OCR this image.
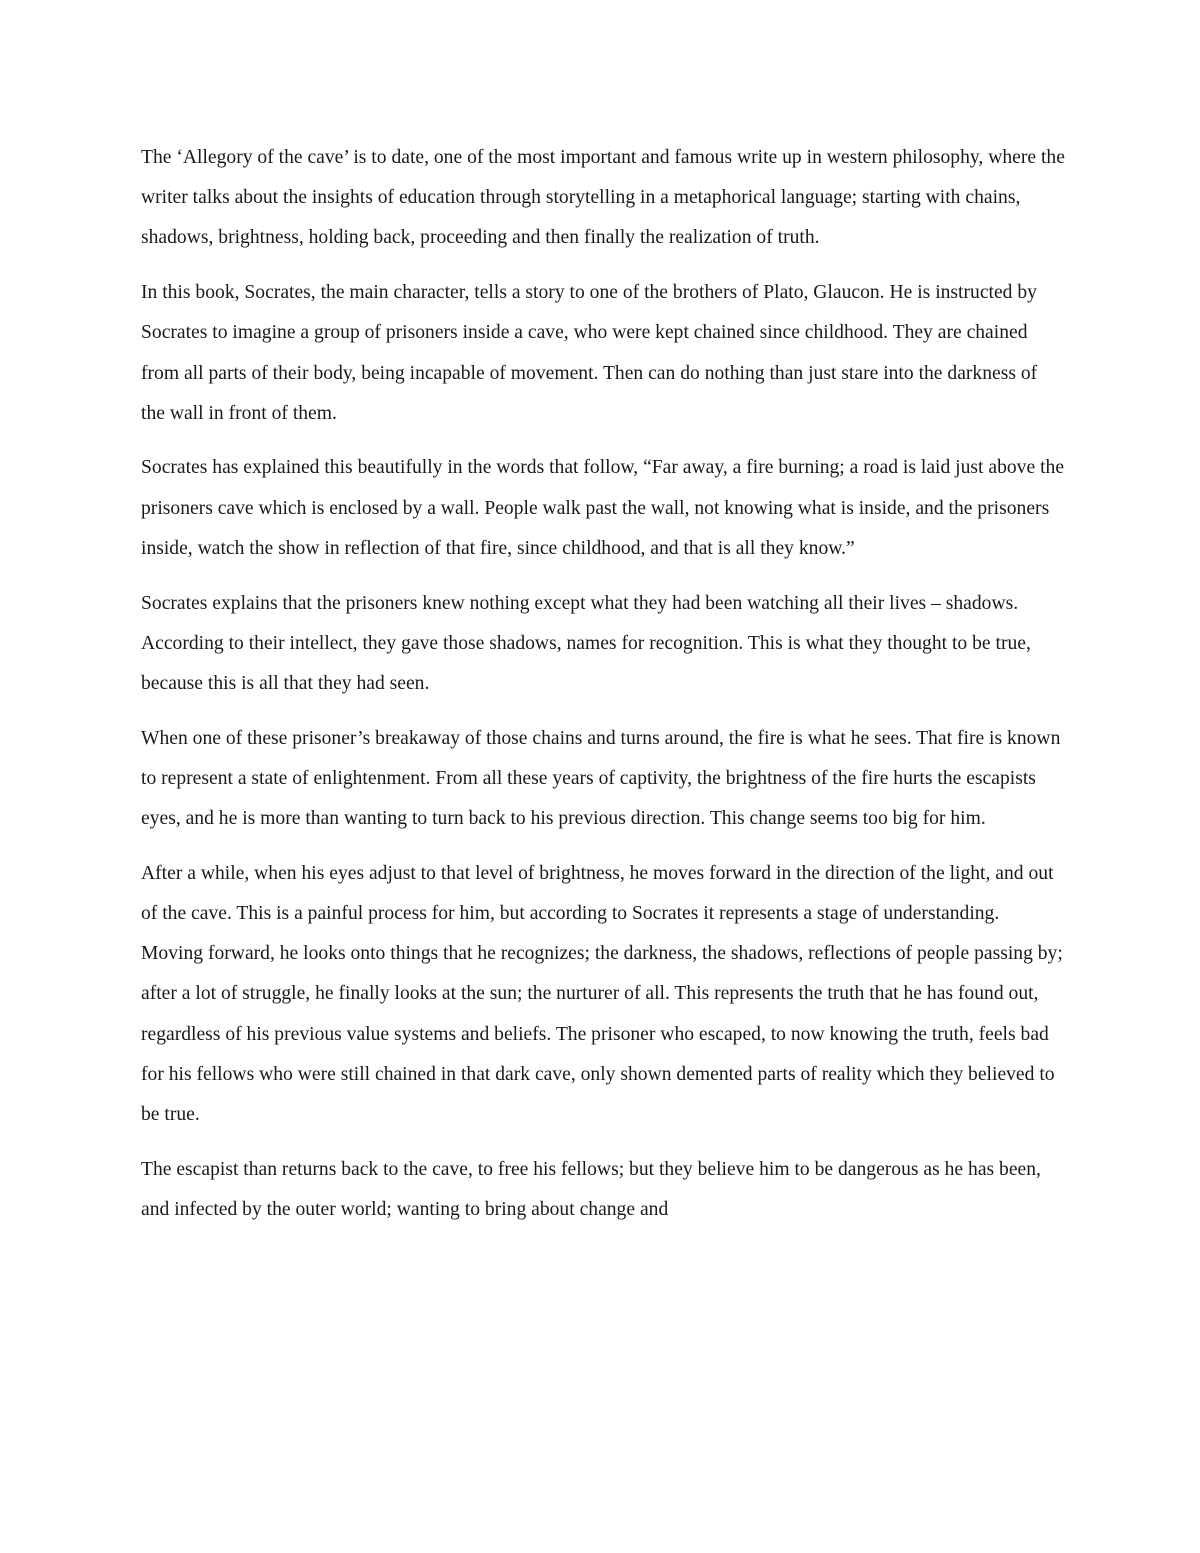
The ‘Allegory of the cave’ is to date, one of the most important and famous write up in western philosophy, where the writer talks about the insights of education through storytelling in a metaphorical language; starting with chains, shadows, brightness, holding back, proceeding and then finally the realization of truth.

In this book, Socrates, the main character, tells a story to one of the brothers of Plato, Glaucon. He is instructed by Socrates to imagine a group of prisoners inside a cave, who were kept chained since childhood. They are chained from all parts of their body, being incapable of movement. Then can do nothing than just stare into the darkness of the wall in front of them.

Socrates has explained this beautifully in the words that follow, “Far away, a fire burning; a road is laid just above the prisoners cave which is enclosed by a wall. People walk past the wall, not knowing what is inside, and the prisoners inside, watch the show in reflection of that fire, since childhood, and that is all they know.”

Socrates explains that the prisoners knew nothing except what they had been watching all their lives – shadows. According to their intellect, they gave those shadows, names for recognition. This is what they thought to be true, because this is all that they had seen.

When one of these prisoner’s breakaway of those chains and turns around, the fire is what he sees. That fire is known to represent a state of enlightenment. From all these years of captivity, the brightness of the fire hurts the escapists eyes, and he is more than wanting to turn back to his previous direction. This change seems too big for him.

After a while, when his eyes adjust to that level of brightness, he moves forward in the direction of the light, and out of the cave. This is a painful process for him, but according to Socrates it represents a stage of understanding. Moving forward, he looks onto things that he recognizes; the darkness, the shadows, reflections of people passing by; after a lot of struggle, he finally looks at the sun; the nurturer of all. This represents the truth that he has found out, regardless of his previous value systems and beliefs. The prisoner who escaped, to now knowing the truth, feels bad for his fellows who were still chained in that dark cave, only shown demented parts of reality which they believed to be true.

The escapist than returns back to the cave, to free his fellows; but they believe him to be dangerous as he has been, and infected by the outer world; wanting to bring about change and
